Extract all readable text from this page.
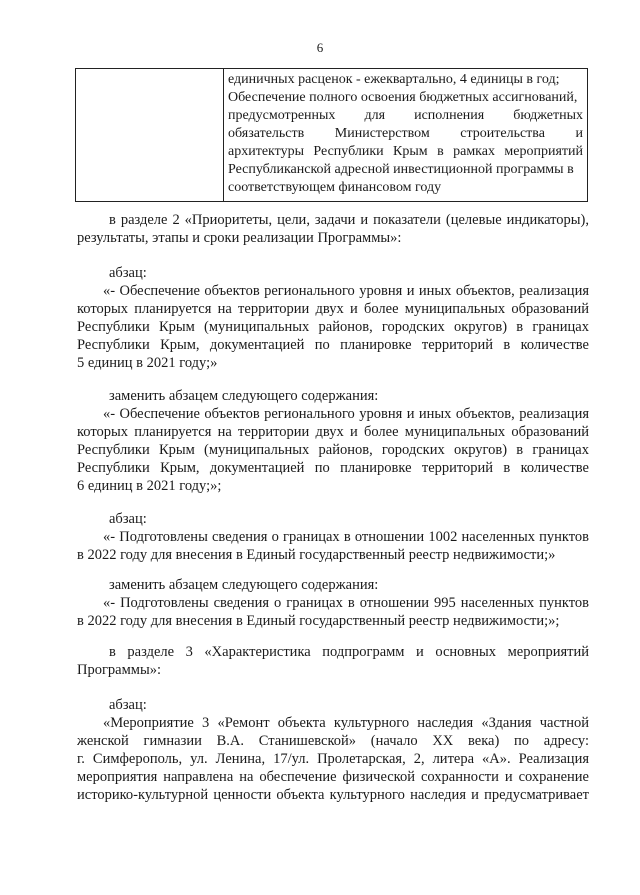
6

единичных расценок - ежеквартально, 4 единицы в год;
Обеспечение полного освоения бюджетных ассигнований,
предусмотренных для исполнения бюджетных
обязательств Министерством строительства и
архитектуры Республики Крым в рамках мероприятий
Республиканской адресной инвестиционной программы в
соответствующем финансовом году
в разделе 2 «Приоритеты, цели, задачи и показатели (целевые индикаторы),
результаты, этапы и сроки реализации Программы»:
абзац:
«- Обеспечение объектов регионального уровня и иных объектов, реализация
которых планируется на территории двух и более муниципальных образований
Республики Крым (муниципальных районов, городских округов) в границах
Республики Крым, документацией по планировке территорий в количестве
5 единиц в 2021 году;»
заменить абзацем следующего содержания:
«- Обеспечение объектов регионального уровня и иных объектов, реализация
которых планируется на территории двух и более муниципальных образований
Республики Крым (муниципальных районов, городских округов) в границах
Республики Крым, документацией по планировке территорий в количестве
6 единиц в 2021 году;»;
абзац:
«- Подготовлены сведения о границах в отношении 1002 населенных пунктов
в 2022 году для внесения в Единый государственный реестр недвижимости;»
заменить абзацем следующего содержания:
«- Подготовлены сведения о границах в отношении 995 населенных пунктов
в 2022 году для внесения в Единый государственный реестр недвижимости;»;
в разделе 3 «Характеристика подпрограмм и основных мероприятий
Программы»:
абзац:
«Мероприятие 3 «Ремонт объекта культурного наследия «Здания частной
женской гимназии В.А. Станишевской» (начало XX века) по адресу:
г. Симферополь, ул. Ленина, 17/ул. Пролетарская, 2, литера «А». Реализация
мероприятия направлена на обеспечение физической сохранности и сохранение
историко-культурной ценности объекта культурного наследия и предусматривает
